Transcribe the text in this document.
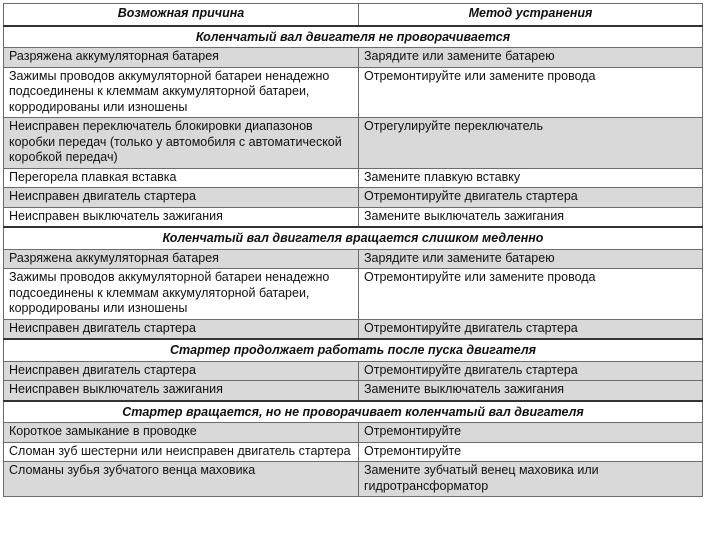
Возможная причина	Метод устранения
Коленчатый вал двигателя не проворачивается	
Разряжена аккумуляторная батарея	Зарядите или замените батарею
Зажимы проводов аккумуляторной батареи ненадежно подсоединены к клеммам аккумуляторной батареи, корродированы или изношены	Отремонтируйте или замените провода
Неисправен переключатель блокировки диапазонов коробки передач (только у автомобиля с автоматической коробкой передач)	Отрегулируйте переключатель
Перегорела плавкая вставка	Замените плавкую вставку
Неисправен двигатель стартера	Отремонтируйте двигатель стартера
Неисправен выключатель зажигания	Замените выключатель зажигания
Коленчатый вал двигателя вращается слишком медленно	
Разряжена аккумуляторная батарея	Зарядите или замените батарею
Зажимы проводов аккумуляторной батареи ненадежно подсоединены к клеммам аккумуляторной батареи, корродированы или изношены	Отремонтируйте или замените провода
Неисправен двигатель стартера	Отремонтируйте двигатель стартера
Стартер продолжает работать после пуска двигателя	
Неисправен двигатель стартера	Отремонтируйте двигатель стартера
Неисправен выключатель зажигания	Замените выключатель зажигания
Стартер вращается, но не проворачивает коленчатый вал двигателя	
Короткое замыкание в проводке	Отремонтируйте
Сломан зуб шестерни или неисправен двигатель стартера	Отремонтируйте
Сломаны зубья зубчатого венца маховика	Замените зубчатый венец маховика или гидротрансформатор
